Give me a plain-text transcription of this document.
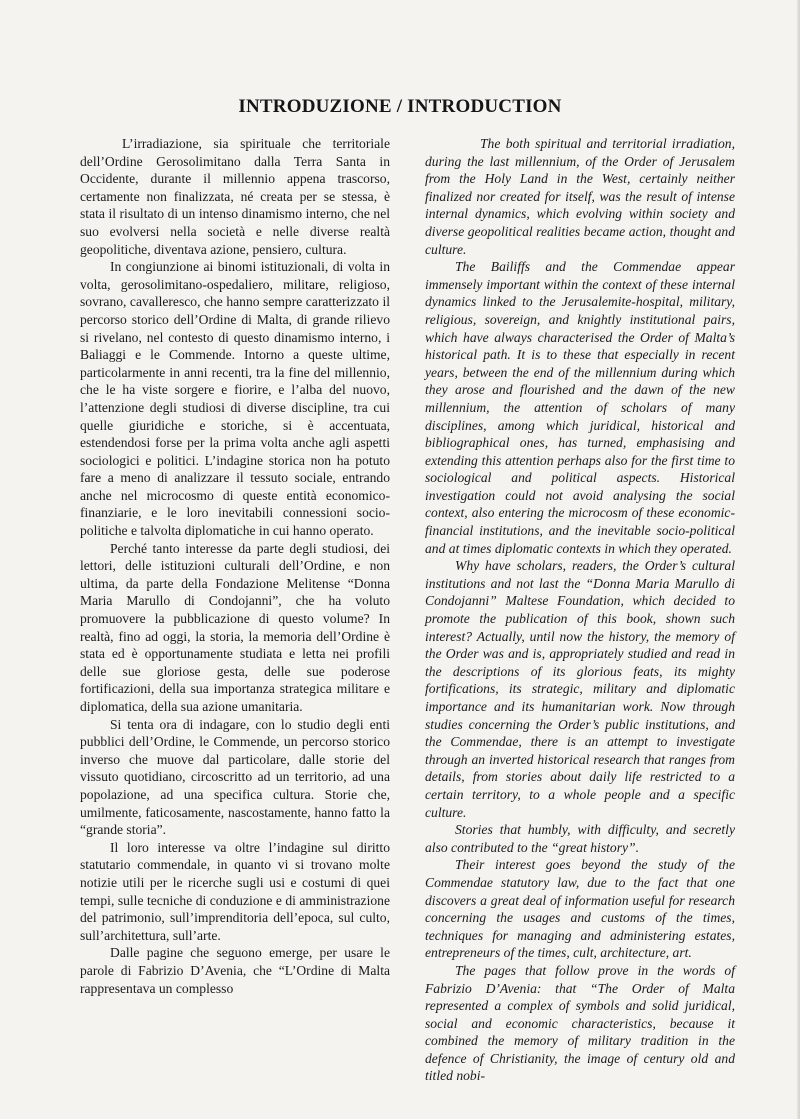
INTRODUZIONE / INTRODUCTION

L’irradiazione, sia spirituale che territoriale dell’Ordine Gerosolimitano dalla Terra Santa in Occidente, durante il millennio appena trascorso, certamente non finalizzata, né creata per se stessa, è stata il risultato di un intenso dinamismo interno, che nel suo evolversi nella società e nelle diverse realtà geopolitiche, diventava azione, pensiero, cultura.

In congiunzione ai binomi istituzionali, di volta in volta, gerosolimitano-ospedaliero, militare, religioso, sovrano, cavalleresco, che hanno sempre caratterizzato il percorso storico dell’Ordine di Malta, di grande rilievo si rivelano, nel contesto di questo dinamismo interno, i Baliaggi e le Commende. Intorno a queste ultime, particolarmente in anni recenti, tra la fine del millennio, che le ha viste sorgere e fiorire, e l’alba del nuovo, l’attenzione degli studiosi di diverse discipline, tra cui quelle giuridiche e storiche, si è accentuata, estendendosi forse per la prima volta anche agli aspetti sociologici e politici. L’indagine storica non ha potuto fare a meno di analizzare il tessuto sociale, entrando anche nel microcosmo di queste entità economico-finanziarie, e le loro inevitabili connessioni socio-politiche e talvolta diplomatiche in cui hanno operato.

Perché tanto interesse da parte degli studiosi, dei lettori, delle istituzioni culturali dell’Ordine, e non ultima, da parte della Fondazione Melitense “Donna Maria Marullo di Condojanni”, che ha voluto promuovere la pubblicazione di questo volume? In realtà, fino ad oggi, la storia, la memoria dell’Ordine è stata ed è opportunamente studiata e letta nei profili delle sue gloriose gesta, delle sue poderose fortificazioni, della sua importanza strategica militare e diplomatica, della sua azione umanitaria.

Si tenta ora di indagare, con lo studio degli enti pubblici dell’Ordine, le Commende, un percorso storico inverso che muove dal particolare, dalle storie del vissuto quotidiano, circoscritto ad un territorio, ad una popolazione, ad una specifica cultura. Storie che, umilmente, faticosamente, nascostamente, hanno fatto la “grande storia”.

Il loro interesse va oltre l’indagine sul diritto statutario commendale, in quanto vi si trovano molte notizie utili per le ricerche sugli usi e costumi di quei tempi, sulle tecniche di conduzione e di amministrazione del patrimonio, sull’imprenditoria dell’epoca, sul culto, sull’architettura, sull’arte.

Dalle pagine che seguono emerge, per usare le parole di Fabrizio D’Avenia, che “L’Ordine di Malta rappresentava un complesso

The both spiritual and territorial irradiation, during the last millennium, of the Order of Jerusalem from the Holy Land in the West, certainly neither finalized nor created for itself, was the result of intense internal dynamics, which evolving within society and diverse geopolitical realities became action, thought and culture.

The Bailiffs and the Commendae appear immensely important within the context of these internal dynamics linked to the Jerusalemite-hospital, military, religious, sovereign, and knightly institutional pairs, which have always characterised the Order of Malta’s historical path. It is to these that especially in recent years, between the end of the millennium during which they arose and flourished and the dawn of the new millennium, the attention of scholars of many disciplines, among which juridical, historical and bibliographical ones, has turned, emphasising and extending this attention perhaps also for the first time to sociological and political aspects. Historical investigation could not avoid analysing the social context, also entering the microcosm of these economic-financial institutions, and the inevitable socio-political and at times diplomatic contexts in which they operated.

Why have scholars, readers, the Order’s cultural institutions and not last the “Donna Maria Marullo di Condojanni” Maltese Foundation, which decided to promote the publication of this book, shown such interest? Actually, until now the history, the memory of the Order was and is, appropriately studied and read in the descriptions of its glorious feats, its mighty fortifications, its strategic, military and diplomatic importance and its humanitarian work. Now through studies concerning the Order’s public institutions, and the Commendae, there is an attempt to investigate through an inverted historical research that ranges from details, from stories about daily life restricted to a certain territory, to a whole people and a specific culture.

Stories that humbly, with difficulty, and secretly also contributed to the “great history”.

Their interest goes beyond the study of the Commendae statutory law, due to the fact that one discovers a great deal of information useful for research concerning the usages and customs of the times, techniques for managing and administering estates, entrepreneurs of the times, cult, architecture, art.

The pages that follow prove in the words of Fabrizio D’Avenia: that “The Order of Malta represented a complex of symbols and solid juridical, social and economic characteristics, because it combined the memory of military tradition in the defence of Christianity, the image of century old and titled nobi-
